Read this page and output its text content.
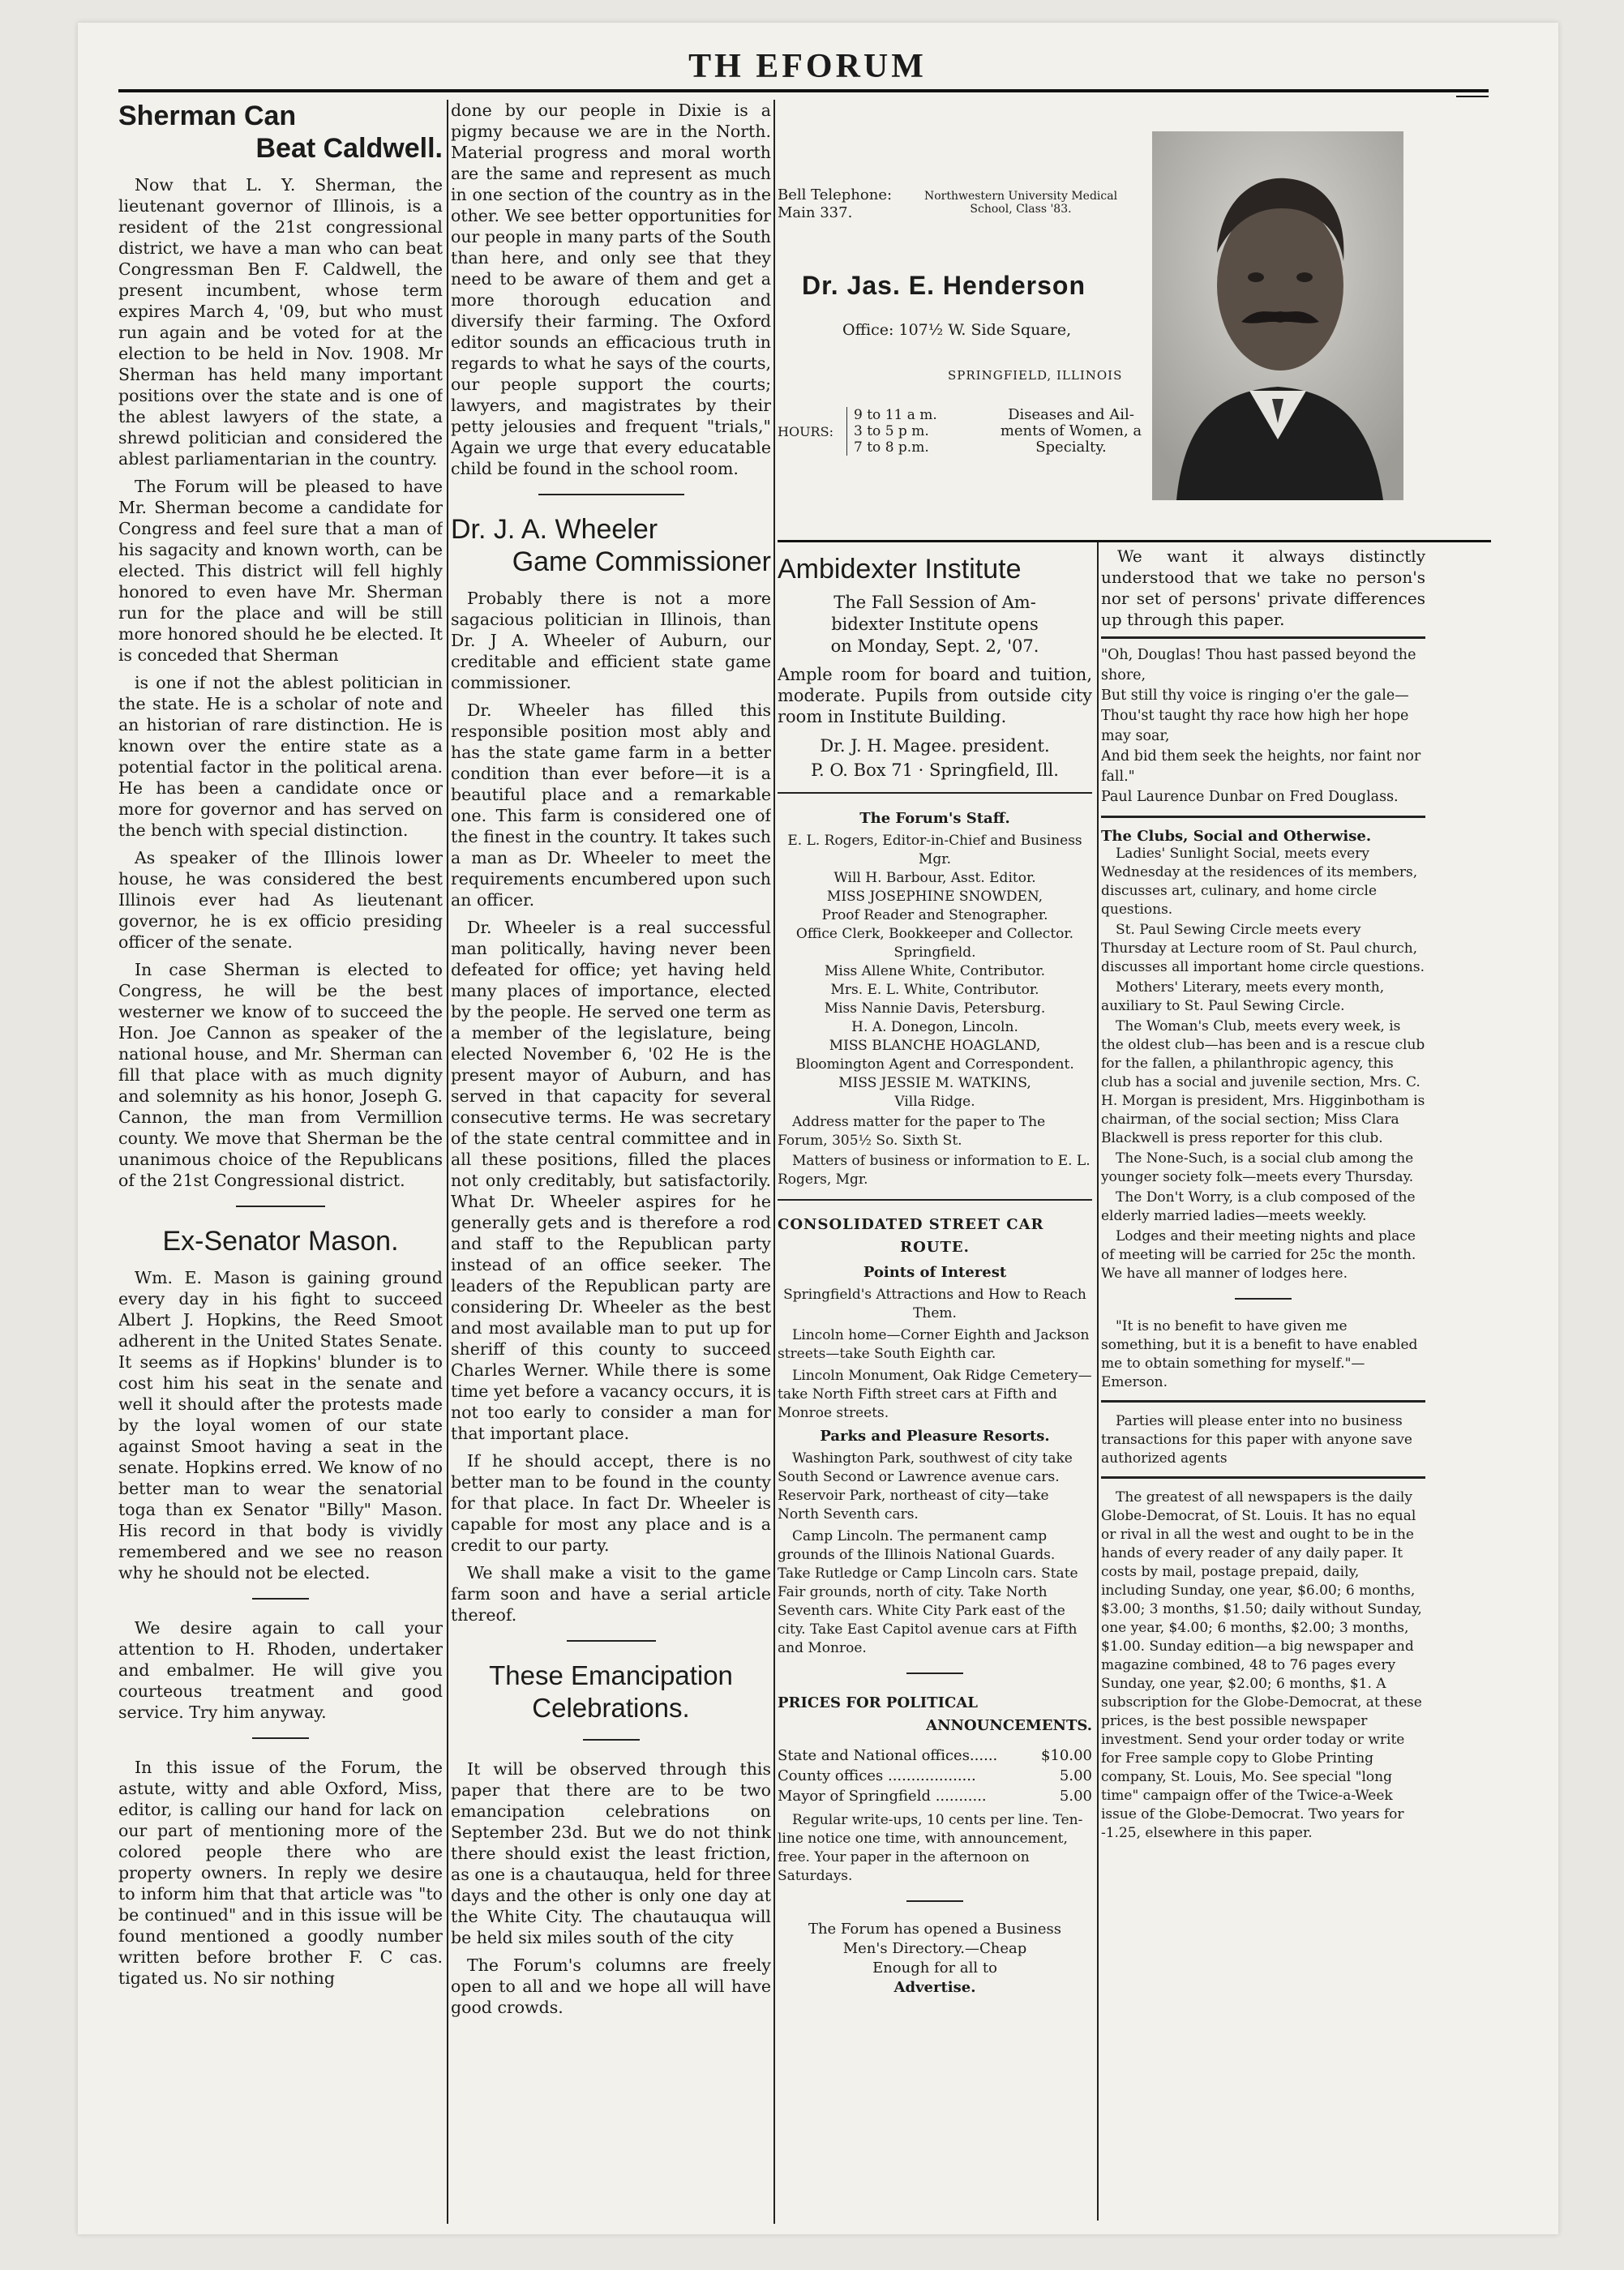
TH EFORUM
Sherman Can
Beat Caldwell.

Now that L. Y. Sherman, the lieutenant governor of Illinois, is a resident of the 21st congressional district, we have a man who can beat Congressman Ben F. Caldwell, the present incumbent, whose term expires March 4, '09, but who must run again and be voted for at the election to be held in Nov. 1908. Mr Sherman has held many important positions over the state and is one of the ablest lawyers of the state, a shrewd politician and considered the ablest parliamentarian in the country.

The Forum will be pleased to have Mr. Sherman become a candidate for Congress and feel sure that a man of his sagacity and known worth, can be elected. This district will fell highly honored to even have Mr. Sherman run for the place and will be still more honored should he be elected. It is conceded that Sherman

is one if not the ablest politician in the state. He is a scholar of note and an historian of rare distinction. He is known over the entire state as a potential factor in the political arena. He has been a candidate once or more for governor and has served on the bench with special distinction.

As speaker of the Illinois lower house, he was considered the best Illinois ever had As lieutenant governor, he is ex officio presiding officer of the senate.

In case Sherman is elected to Congress, he will be the best westerner we know of to succeed the Hon. Joe Cannon as speaker of the national house, and Mr. Sherman can fill that place with as much dignity and solemnity as his honor, Joseph G. Cannon, the man from Vermillion county. We move that Sherman be the unanimous choice of the Republicans of the 21st Congressional district.

Ex-Senator Mason.

Wm. E. Mason is gaining ground every day in his fight to succeed Albert J. Hopkins, the Reed Smoot adherent in the United States Senate. It seems as if Hopkins' blunder is to cost him his seat in the senate and well it should after the protests made by the loyal women of our state against Smoot having a seat in the senate. Hopkins erred. We know of no better man to wear the senatorial toga than ex Senator "Billy" Mason. His record in that body is vividly remembered and we see no reason why he should not be elected.

We desire again to call your attention to H. Rhoden, undertaker and embalmer. He will give you courteous treatment and good service. Try him anyway.

In this issue of the Forum, the astute, witty and able Oxford, Miss, editor, is calling our hand for lack on our part of mentioning more of the colored people there who are property owners. In reply we desire to inform him that that article was "to be continued" and in this issue will be found mentioned a goodly number written before brother F. C cas. tigated us. No sir nothing

done by our people in Dixie is a pigmy because we are in the North. Material progress and moral worth are the same and represent as much in one section of the country as in the other. We see better opportunities for our people in many parts of the South than here, and only see that they need to be aware of them and get a more thorough education and diversify their farming. The Oxford editor sounds an efficacious truth in regards to what he says of the courts, our people support the courts; lawyers, and magistrates by their petty jelousies and frequent "trials," Again we urge that every educatable child be found in the school room.

Dr. J. A. Wheeler
Game Commissioner

Probably there is not a more sagacious politician in Illinois, than Dr. J A. Wheeler of Auburn, our creditable and efficient state game commissioner.

Dr. Wheeler has filled this responsible position most ably and has the state game farm in a better condition than ever before—it is a beautiful place and a remarkable one. This farm is considered one of the finest in the country. It takes such a man as Dr. Wheeler to meet the requirements encumbered upon such an officer.

Dr. Wheeler is a real successful man politically, having never been defeated for office; yet having held many places of importance, elected by the people. He served one term as a member of the legislature, being elected November 6, '02 He is the present mayor of Auburn, and has served in that capacity for several consecutive terms. He was secretary of the state central committee and in all these positions, filled the places not only creditably, but satisfactorily. What Dr. Wheeler aspires for he generally gets and is therefore a rod and staff to the Republican party instead of an office seeker. The leaders of the Republican party are considering Dr. Wheeler as the best and most available man to put up for sheriff of this county to succeed Charles Werner. While there is some time yet before a vacancy occurs, it is not too early to consider a man for that important place.

If he should accept, there is no better man to be found in the county for that place. In fact Dr. Wheeler is capable for most any place and is a credit to our party.

We shall make a visit to the game farm soon and have a serial article thereof.

These Emancipation
Celebrations.

It will be observed through this paper that there are to be two emancipation celebrations on September 23d. But we do not think there should exist the least friction, as one is a chautauqua, held for three days and the other is only one day at the White City. The chautauqua will be held six miles south of the city

The Forum's columns are freely open to all and we hope all will have good crowds.

Bell Telephone:
Main 337.
Northwestern University Medical
School, Class '83.
Dr. Jas. E. Henderson
Office: 107½ W. Side Square,
SPRINGFIELD, ILLINOIS
HOURS:
9 to 11 a m.
3 to 5 p m.
7 to 8 p.m.
Diseases and Ail-
ments of Women, a
Specialty.
Ambidexter Institute
The Fall Session of Am-
bidexter Institute opens
on Monday, Sept. 2, '07.

Ample room for board and tuition, moderate. Pupils from outside city room in Institute Building.

Dr. J. H. Magee. president.
P. O. Box 71 · Springfield, Ill.
The Forum's Staff.

E. L. Rogers, Editor-in-Chief and Business Mgr.

Will H. Barbour, Asst. Editor.

MISS JOSEPHINE SNOWDEN,

Proof Reader and Stenographer.

Office Clerk, Bookkeeper and Collector.

Springfield.

Miss Allene White, Contributor.

Mrs. E. L. White, Contributor.

Miss Nannie Davis, Petersburg.

H. A. Donegon, Lincoln.

MISS BLANCHE HOAGLAND,

Bloomington Agent and Correspondent.

MISS JESSIE M. WATKINS,

Villa Ridge.

Address matter for the paper to The Forum, 305½ So. Sixth St.

Matters of business or information to E. L. Rogers, Mgr.

CONSOLIDATED STREET CAR
ROUTE.
Points of Interest

Springfield's Attractions and How to Reach Them.

Lincoln home—Corner Eighth and Jackson streets—take South Eighth car.

Lincoln Monument, Oak Ridge Cemetery—take North Fifth street cars at Fifth and Monroe streets.

Parks and Pleasure Resorts.

Washington Park, southwest of city take South Second or Lawrence avenue cars. Reservoir Park, northeast of city—take North Seventh cars.

Camp Lincoln. The permanent camp grounds of the Illinois National Guards. Take Rutledge or Camp Lincoln cars. State Fair grounds, north of city. Take North Seventh cars. White City Park east of the city. Take East Capitol avenue cars at Fifth and Monroe.

PRICES FOR POLITICAL
ANNOUNCEMENTS.
State and National offices......	$10.00
County offices ...................	5.00
Mayor of Springfield ...........	5.00

Regular write-ups, 10 cents per line. Ten-line notice one time, with announcement, free. Your paper in the afternoon on Saturdays.

The Forum has opened a Business
Men's Directory.—Cheap
Enough for all to
Advertise.

We want it always distinctly understood that we take no person's nor set of persons' private differences up through this paper.

"Oh, Douglas! Thou hast passed beyond the shore,
But still thy voice is ringing o'er the gale—
Thou'st taught thy race how high her hope may soar,
And bid them seek the heights, nor faint nor fall."
Paul Laurence Dunbar on Fred Douglass.
The Clubs, Social and Otherwise.

Ladies' Sunlight Social, meets every Wednesday at the residences of its members, discusses art, culinary, and home circle questions.

St. Paul Sewing Circle meets every Thursday at Lecture room of St. Paul church, discusses all important home circle questions.

Mothers' Literary, meets every month, auxiliary to St. Paul Sewing Circle.

The Woman's Club, meets every week, is the oldest club—has been and is a rescue club for the fallen, a philanthropic agency, this club has a social and juvenile section, Mrs. C. H. Morgan is president, Mrs. Higginbotham is chairman, of the social section; Miss Clara Blackwell is press reporter for this club.

The None-Such, is a social club among the younger society folk—meets every Thursday.

The Don't Worry, is a club composed of the elderly married ladies—meets weekly.

Lodges and their meeting nights and place of meeting will be carried for 25c the month. We have all manner of lodges here.

"It is no benefit to have given me something, but it is a benefit to have enabled me to obtain something for myself."—Emerson.

Parties will please enter into no business transactions for this paper with anyone save authorized agents

The greatest of all newspapers is the daily Globe-Democrat, of St. Louis. It has no equal or rival in all the west and ought to be in the hands of every reader of any daily paper. It costs by mail, postage prepaid, daily, including Sunday, one year, $6.00; 6 months, $3.00; 3 months, $1.50; daily without Sunday, one year, $4.00; 6 months, $2.00; 3 months, $1.00. Sunday edition—a big newspaper and magazine combined, 48 to 76 pages every Sunday, one year, $2.00; 6 months, $1. A subscription for the Globe-Democrat, at these prices, is the best possible newspaper investment. Send your order today or write for Free sample copy to Globe Printing company, St. Louis, Mo. See special "long time" campaign offer of the Twice-a-Week issue of the Globe-Democrat. Two years for -1.25, elsewhere in this paper.
